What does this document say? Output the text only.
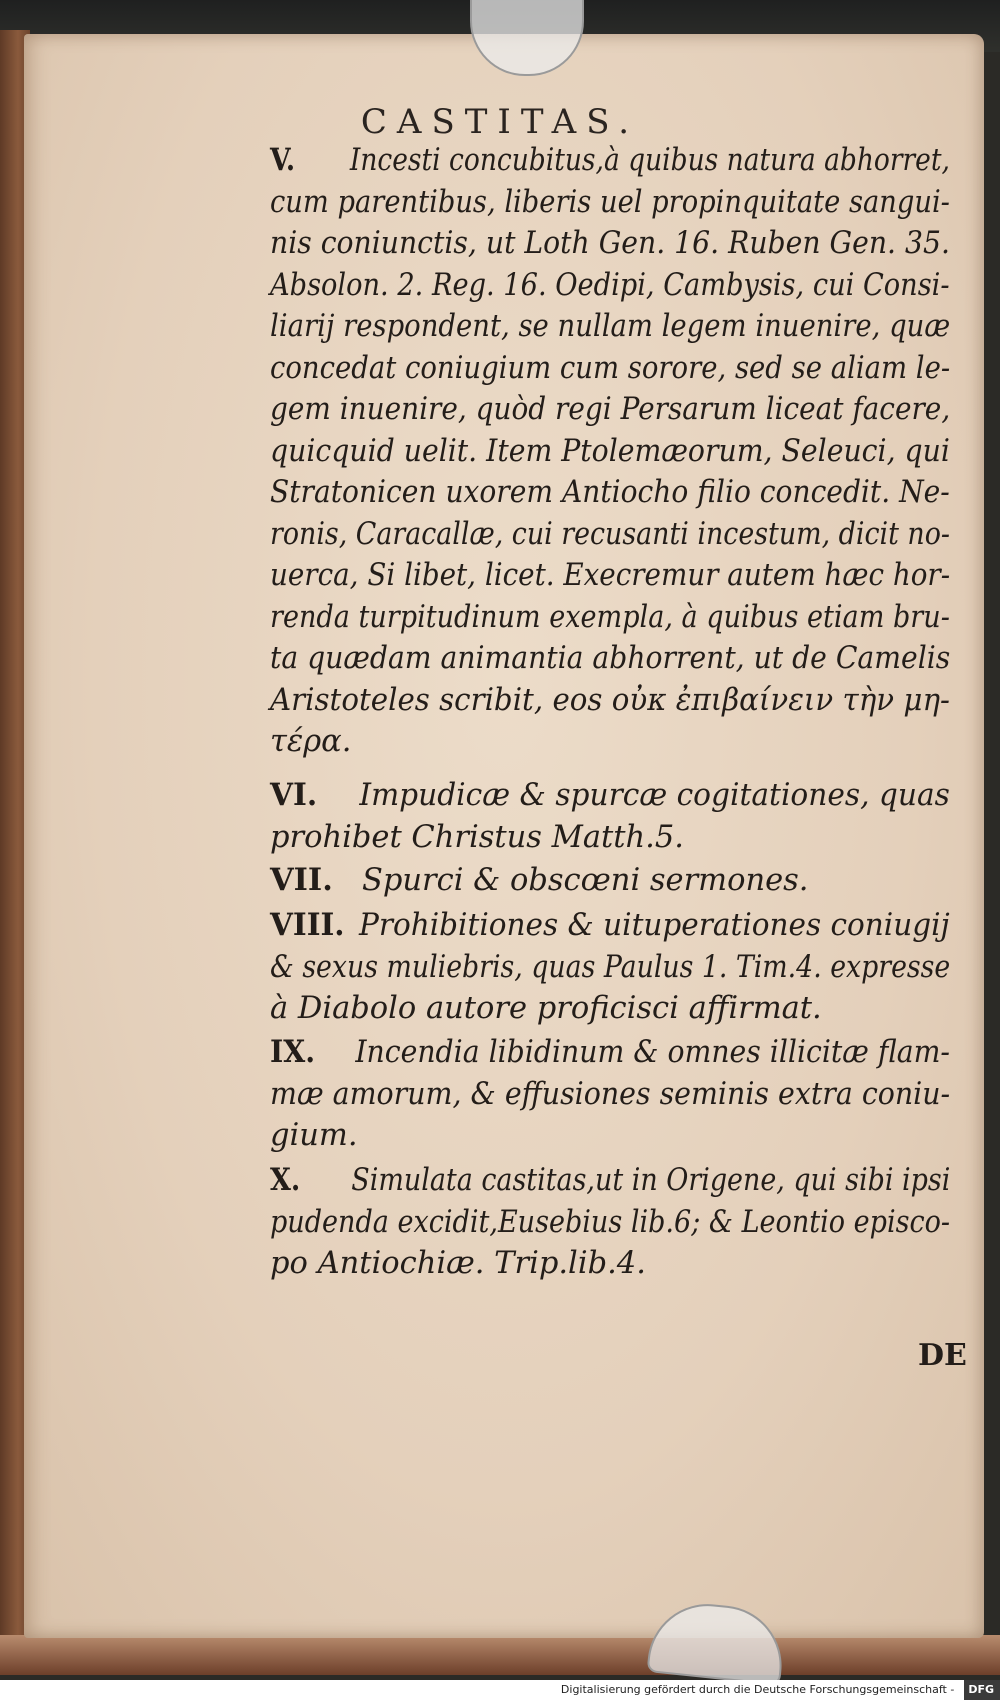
CASTITAS.
V. Incesti concubitus,à quibus natura abhorret,
cum parentibus, liberis uel propinquitate sangui-
nis coniunctis, ut Loth Gen. 16. Ruben Gen. 35.
Absolon. 2. Reg. 16. Oedipi, Cambysis, cui Consi-
liarij respondent, se nullam legem inuenire, quæ
concedat coniugium cum sorore, sed se aliam le-
gem inuenire, quòd regi Persarum liceat facere,
quicquid uelit. Item Ptolemæorum, Seleuci, qui
Stratonicen uxorem Antiocho filio concedit. Ne-
ronis, Caracallæ, cui recusanti incestum, dicit no-
uerca, Si libet, licet. Execremur autem hæc hor-
renda turpitudinum exempla, à quibus etiam bru-
ta quædam animantia abhorrent, ut de Camelis
Aristoteles scribit, eos οὐκ ἐπιβαίνειν τὴν μη-
τέρα.
VI. Impudicæ & spurcæ cogitationes, quas
prohibet Christus Matth.5.
VII. Spurci & obscœni sermones.
VIII. Prohibitiones & uituperationes coniugij
& sexus muliebris, quas Paulus 1. Tim.4. expresse
à Diabolo autore proficisci affirmat.
IX. Incendia libidinum & omnes illicitæ flam-
mæ amorum, & effusiones seminis extra coniu-
gium.
X. Simulata castitas,ut in Origene, qui sibi ipsi
pudenda excidit,Eusebius lib.6; & Leontio episco-
po Antiochiæ. Trip.lib.4.
DE
Digitalisierung gefördert durch die Deutsche Forschungsgemeinschaft - DFG
